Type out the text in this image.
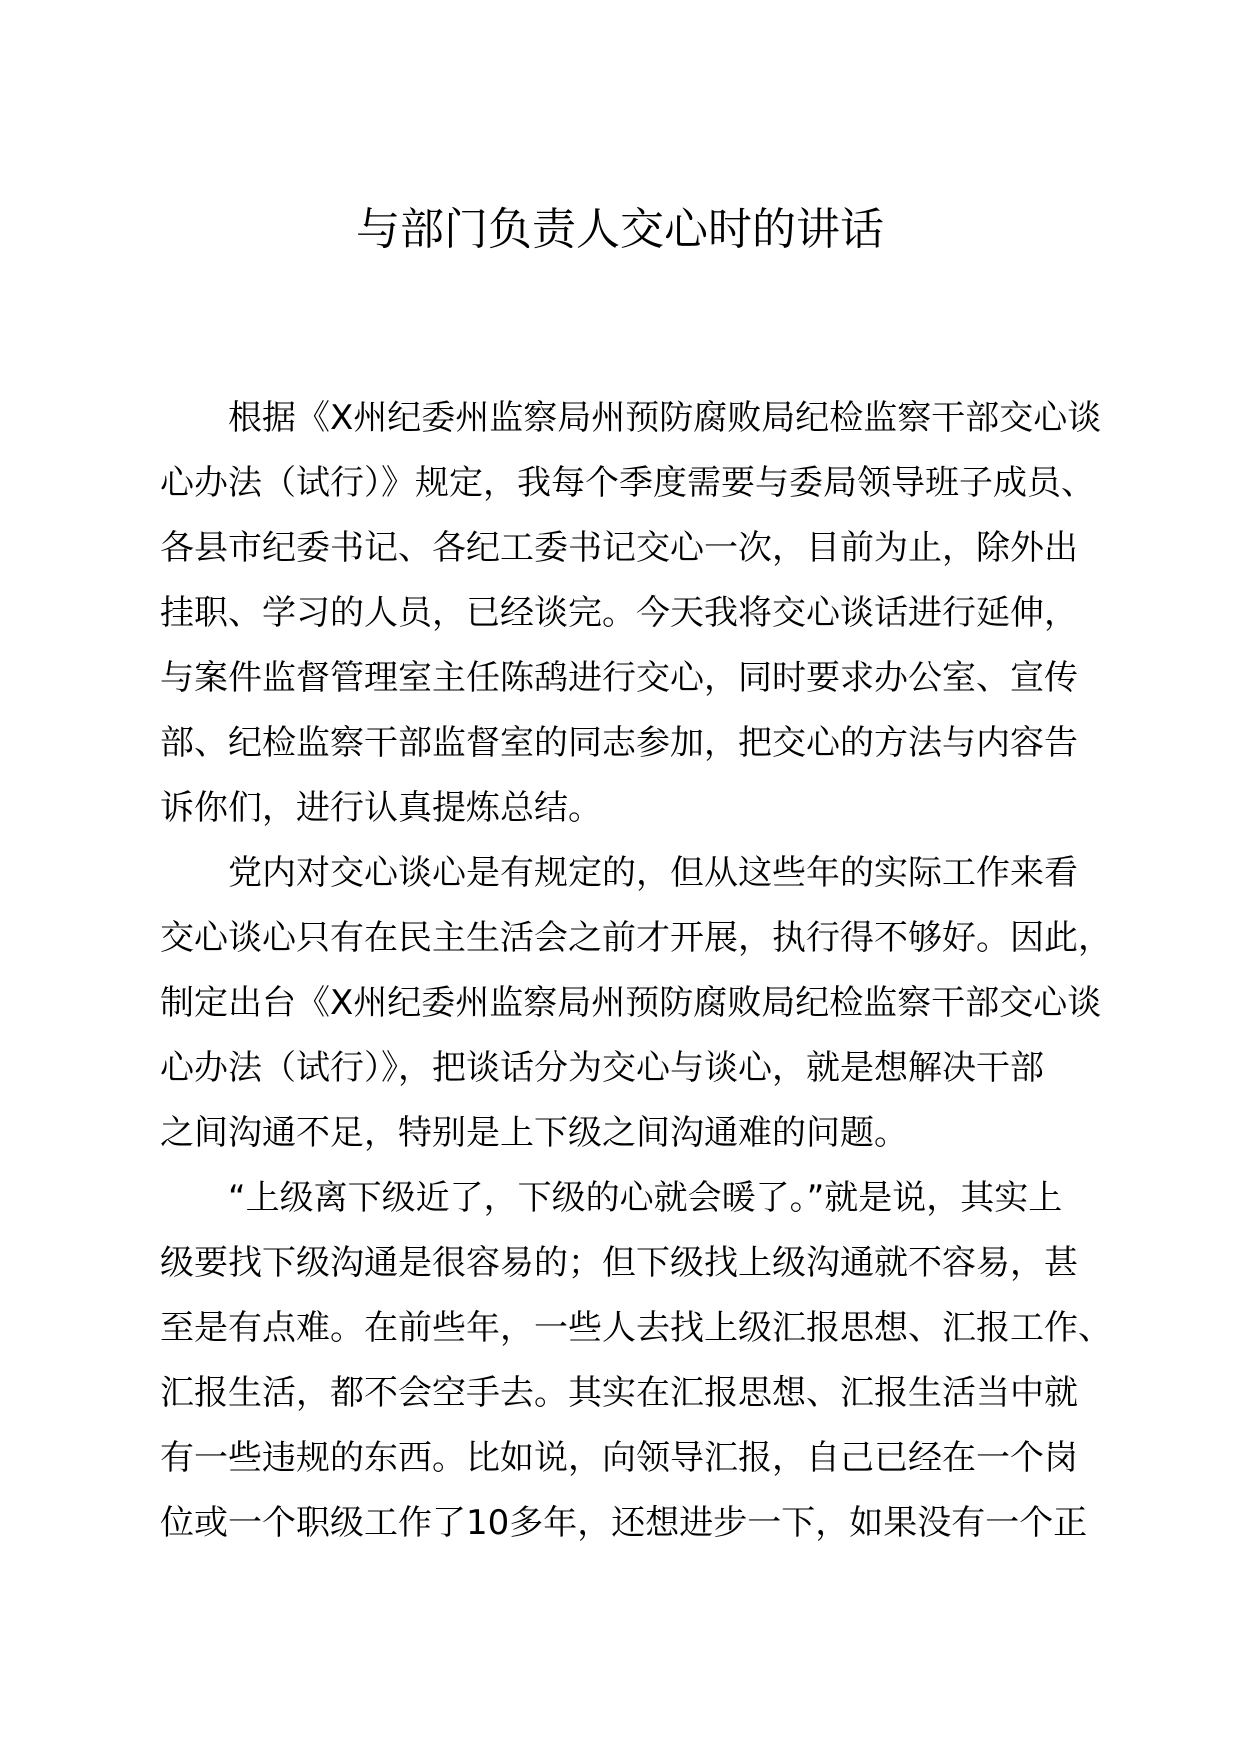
与部门负责人交心时的讲话

根据《X州纪委州监察局州预防腐败局纪检监察干部交心谈
心办法（试行）》规定，我每个季度需要与委局领导班子成员、
各县市纪委书记、各纪工委书记交心一次，目前为止，除外出
挂职、学习的人员，已经谈完。今天我将交心谈话进行延伸，
与案件监督管理室主任陈鸹进行交心，同时要求办公室、宣传
部、纪检监察干部监督室的同志参加，把交心的方法与内容告
诉你们，进行认真提炼总结。

党内对交心谈心是有规定的，但从这些年的实际工作来看
交心谈心只有在民主生活会之前才开展，执行得不够好。因此，
制定出台《X州纪委州监察局州预防腐败局纪检监察干部交心谈
心办法（试行）》，把谈话分为交心与谈心，就是想解决干部
之间沟通不足，特别是上下级之间沟通难的问题。

“上级离下级近了，下级的心就会暖了。”就是说，其实上
级要找下级沟通是很容易的；但下级找上级沟通就不容易，甚
至是有点难。在前些年，一些人去找上级汇报思想、汇报工作、
汇报生活，都不会空手去。其实在汇报思想、汇报生活当中就
有一些违规的东西。比如说，向领导汇报，自己已经在一个岗
位或一个职级工作了10多年，还想进步一下，如果没有一个正
